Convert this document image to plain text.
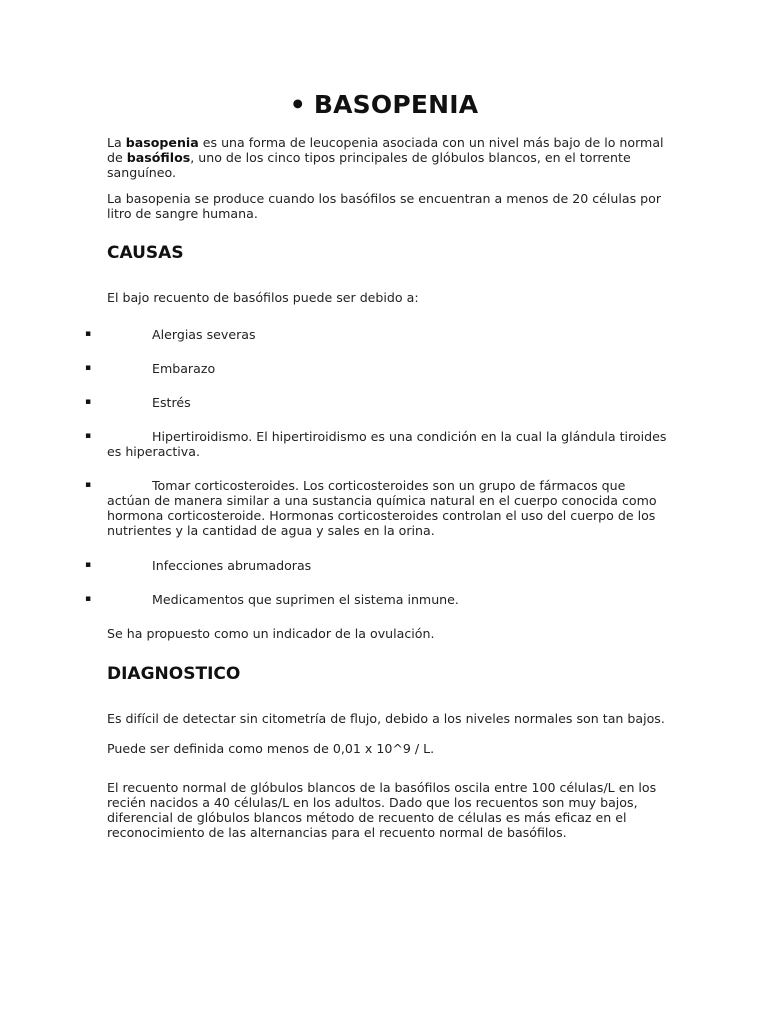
• BASOPENIA

La basopenia es una forma de leucopenia asociada con un nivel más bajo de lo normal de basófilos, uno de los cinco tipos principales de glóbulos blancos, en el torrente sanguíneo.

La basopenia se produce cuando los basófilos se encuentran a menos de 20 células por litro de sangre humana.

CAUSAS

El bajo recuento de basófilos puede ser debido a:

▪	Alergias severas

▪	Embarazo

▪	Estrés

▪	Hipertiroidismo. El hipertiroidismo es una condición en la cual la glándula tiroides es hiperactiva.

▪	Tomar corticosteroides. Los corticosteroides son un grupo de fármacos que actúan de manera similar a una sustancia química natural en el cuerpo conocida como hormona corticosteroide. Hormonas corticosteroides controlan el uso del cuerpo de los nutrientes y la cantidad de agua y sales en la orina.

▪	Infecciones abrumadoras

▪	Medicamentos que suprimen el sistema inmune.

Se ha propuesto como un indicador de la ovulación.

DIAGNOSTICO

Es difícil de detectar sin citometría de flujo, debido a los niveles normales son tan bajos.

Puede ser definida como menos de 0,01 x 10^9 / L.

El recuento normal de glóbulos blancos de la basófilos oscila entre 100 células/L en los recién nacidos a 40 células/L en los adultos. Dado que los recuentos son muy bajos, diferencial de glóbulos blancos método de recuento de células es más eficaz en el reconocimiento de las alternancias para el recuento normal de basófilos.
